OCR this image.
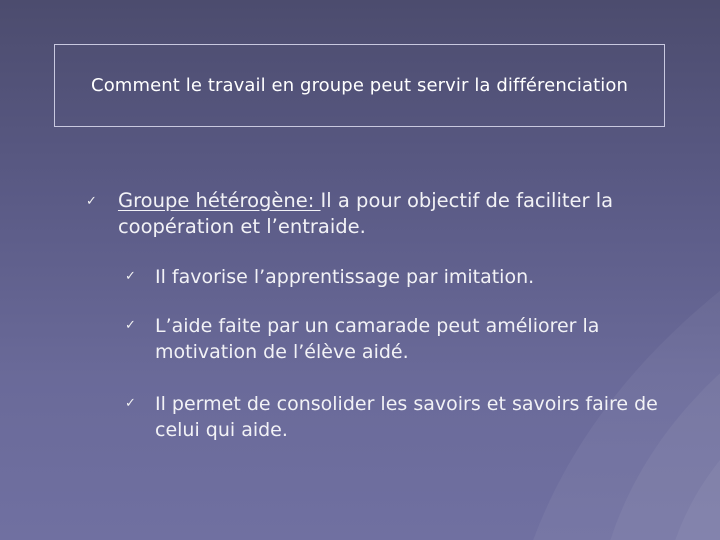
Comment le travail en groupe peut servir la différenciation
✓ Groupe hétérogène: Il a pour objectif de faciliter la coopération et l’entraide.
✓ Il favorise l’apprentissage par imitation.
✓ L’aide faite par un camarade peut améliorer la motivation de l’élève aidé.
✓ Il permet de consolider les savoirs et savoirs faire de celui qui aide.
